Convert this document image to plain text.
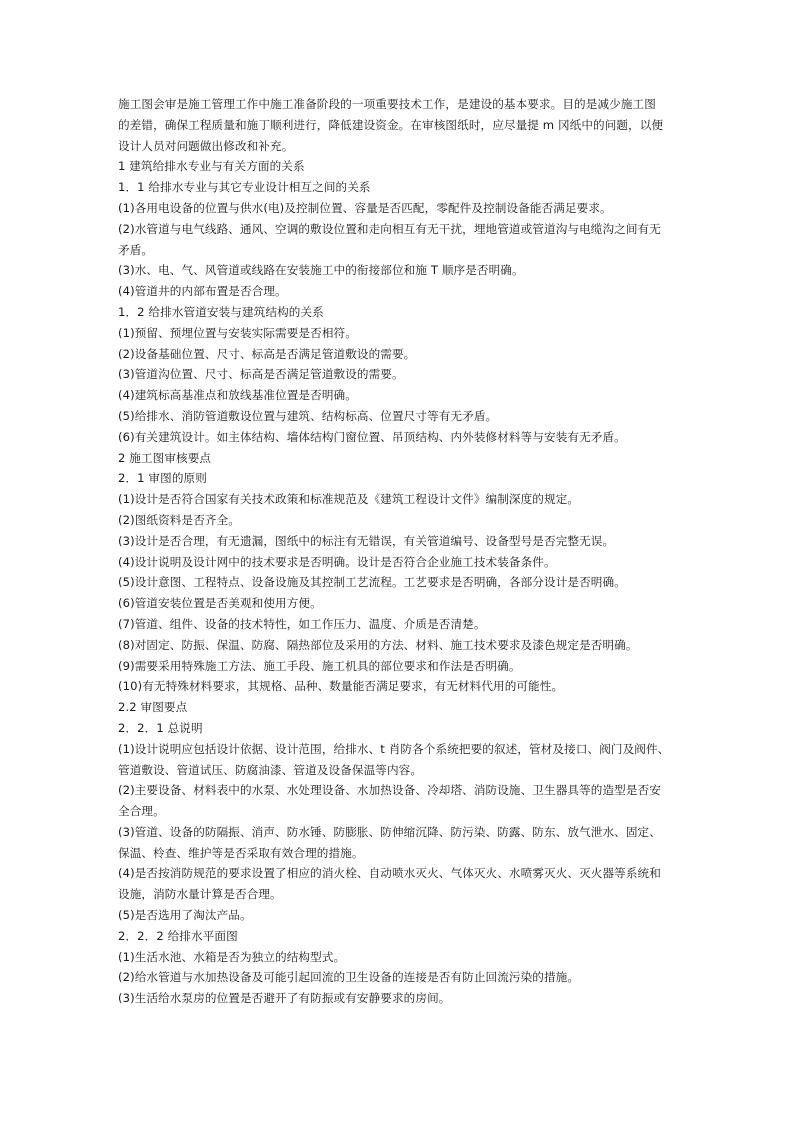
施工图会审是施工管理工作中施工准备阶段的一项重要技术工作，是建设的基本要求。目的是减少施工图
的差错，确保工程质量和施丁顺利进行，降低建设资金。在审核图纸时，应尽量提 m 冈纸中的问题，以便
设计人员对问题做出修改和补充。
1 建筑给排水专业与有关方面的关系
1．1 给排水专业与其它专业设计相互之间的关系
(1)各用电设备的位置与供水(电)及控制位置、容量是否匹配，零配件及控制设备能否满足要求。
(2)水管道与电气线路、通风、空调的敷设位置和走向相互有无干扰，埋地管道或管道沟与电缆沟之间有无
矛盾。
(3)水、电、气、风管道或线路在安装施工中的衔接部位和施 T 顺序是否明确。
(4)管道井的内部布置是否合理。
1．2 给排水管道安装与建筑结构的关系
(1)预留、预埋位置与安装实际需要是否相符。
(2)设备基础位置、尺寸、标高是否满足管道敷设的需要。
(3)管道沟位置、尺寸、标高是否满足管道敷设的需要。
(4)建筑标高基准点和放线基准位置是否明确。
(5)给排水、消防管道敷设位置与建筑、结构标高、位置尺寸等有无矛盾。
(6)有关建筑设计。如主体结构、墙体结构门窗位置、吊顶结构、内外装修材料等与安装有无矛盾。
2 施工图审核要点
2．1 审图的原则
(1)设计是否符合国家有关技术政策和标准规范及《建筑工程设计文件》编制深度的规定。
(2)图纸资料是否齐全。
(3)设计是否合理，有无遗漏，图纸中的标注有无错误，有关管道编号、设备型号是否完整无误。
(4)设计说明及设计网中的技术要求是否明确。设计是否符合企业施工技术装备条件。
(5)设计意图、工程特点、设备设施及其控制工艺流程。工艺要求是否明确，各部分设计是否明确。
(6)管道安装位置是否美观和使用方便。
(7)管道、组件、设备的技术特性，如工作压力、温度、介质是否清楚。
(8)对固定、防振、保温、防腐、隔热部位及采用的方法、材料、施工技术要求及漆色规定是否明确。
(9)需要采用特殊施工方法、施工手段、施工机具的部位要求和作法是否明确。
(10)有无特殊材料要求，其规格、品种、数量能否满足要求，有无材料代用的可能性。
2.2 审图要点
2．2．1 总说明
(1)设计说明应包括设计依据、设计范围，给排水、t 肖防各个系统把要的叙述，管材及接口、阀门及阀件、
管道敷设、管道试压、防腐油漆、管道及设备保温等内容。
(2)主要设备、材料表中的水泵、水处理设备、水加热设备、冷却塔、消防设施、卫生器具等的造型是否安
全合理。
(3)管道、设备的防隔振、消声、防水锤、防膨胀、防伸缩沉降、防污染、防露、防东、放气泄水、固定、
保温、柃查、维护等是否采取有效合理的措施。
(4)是否按消防规范的要求设置了相应的消火栓、自动喷水灭火、气体灭火、水喷雾灭火、灭火器等系统和
设施，消防水量计算是否合理。
(5)是否选用了淘汰产品。
2．2．2 给排水平面图
(1)生活水池、水箱是否为独立的结构型式。
(2)给水管道与水加热设备及可能引起回流的卫生设备的连接是否有防止回流污染的措施。
(3)生活给水泵房的位置是否避开了有防振或有安静要求的房间。
